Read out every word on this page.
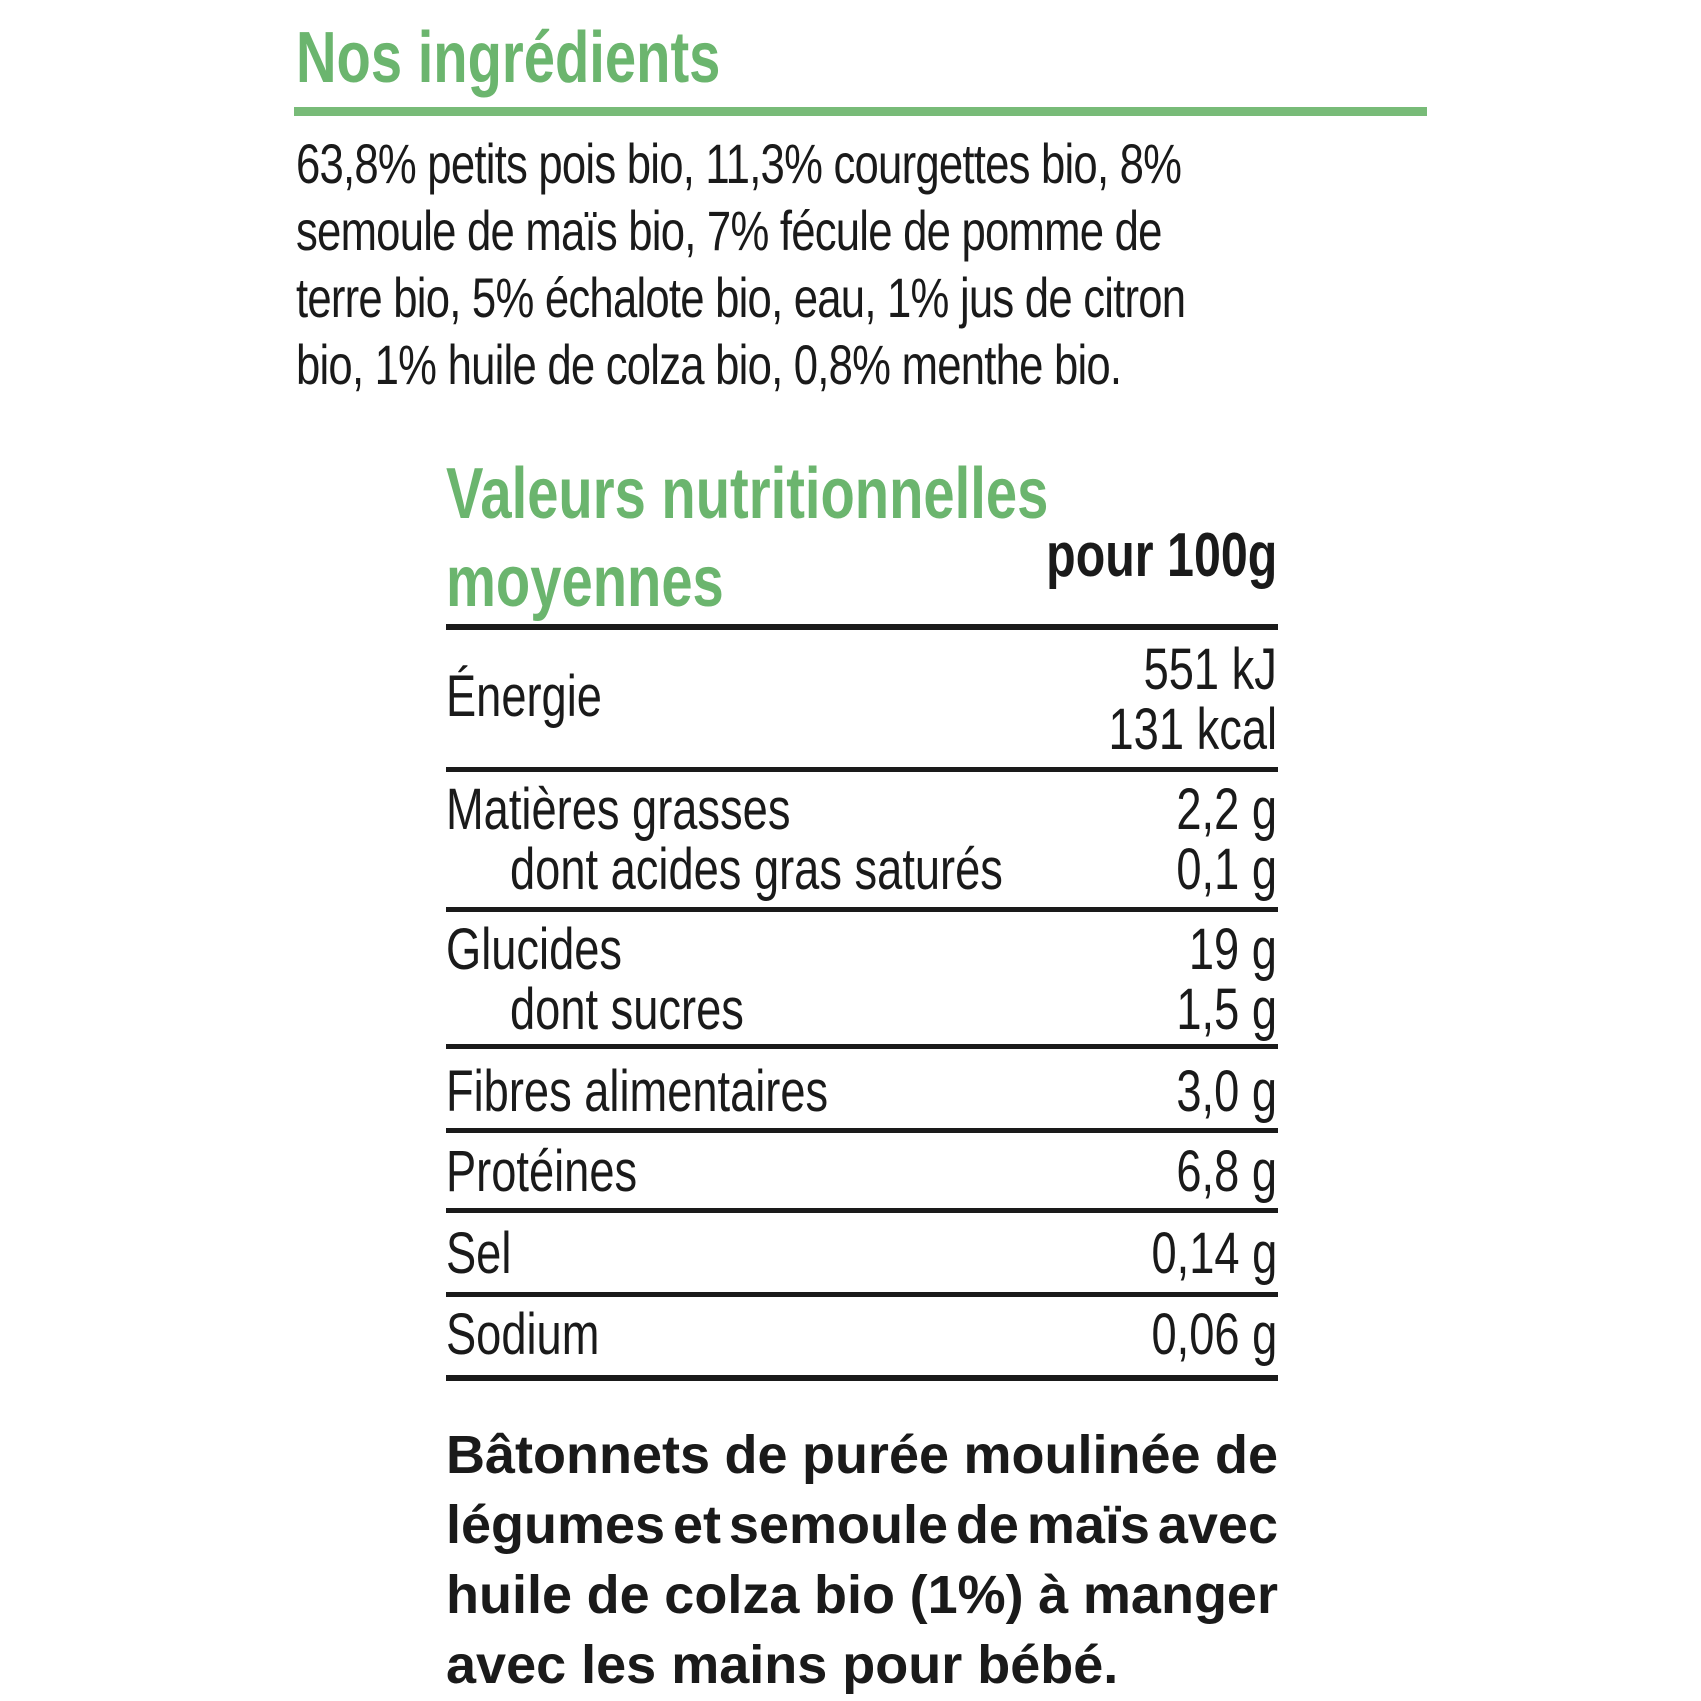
Nos ingrédients
63,8% petits pois bio, 11,3% courgettes bio, 8%
semoule de maïs bio, 7% fécule de pomme de
terre bio, 5% échalote bio, eau, 1% jus de citron
bio, 1% huile de colza bio, 0,8% menthe bio.
Valeurs nutritionnelles
moyennes	pour 100g
Énergie	551 kJ
131 kcal
Matières grasses	2,2 g
dont acides gras saturés	0,1 g
Glucides	19 g
dont sucres	1,5 g
Fibres alimentaires	3,0 g
Protéines	6,8 g
Sel	0,14 g
Sodium	0,06 g
Bâtonnets de purée moulinée de
légumes et semoule de maïs avec
huile de colza bio (1%) à manger
avec les mains pour bébé.
